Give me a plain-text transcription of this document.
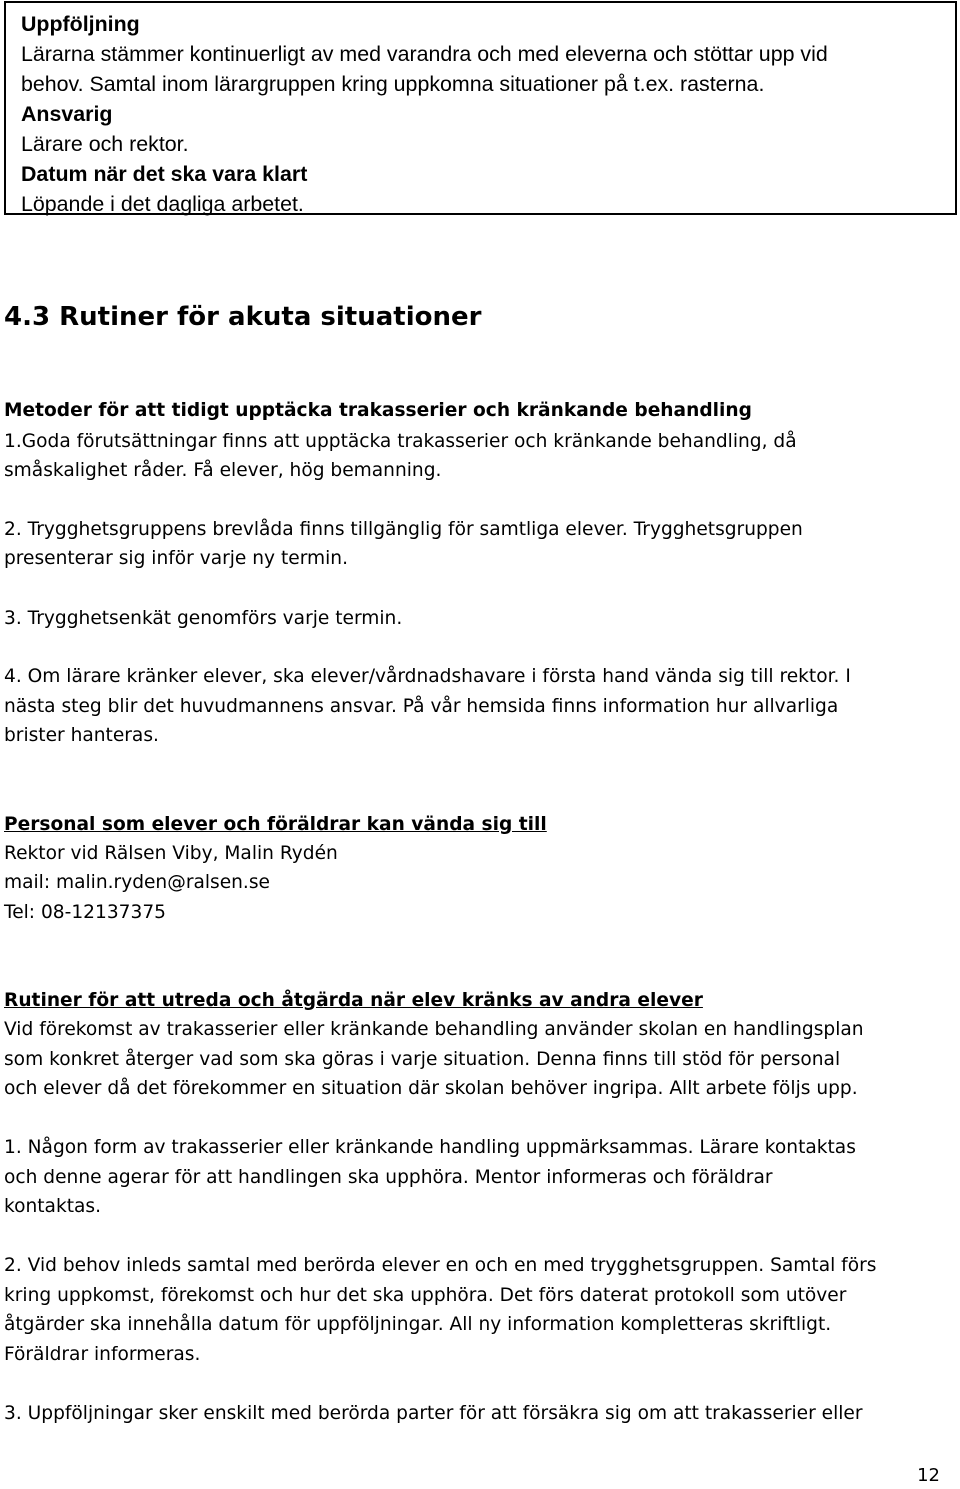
Uppföljning
Lärarna stämmer kontinuerligt av med varandra och med eleverna och stöttar upp vid
behov. Samtal inom lärargruppen kring uppkomna situationer på t.ex. rasterna.
Ansvarig
Lärare och rektor.
Datum när det ska vara klart
Löpande i det dagliga arbetet.
4.3 Rutiner för akuta situationer
Metoder för att tidigt upptäcka trakasserier och kränkande behandling
1.Goda förutsättningar finns att upptäcka trakasserier och kränkande behandling, då
småskalighet råder. Få elever, hög bemanning.
2. Trygghetsgruppens brevlåda finns tillgänglig för samtliga elever. Trygghetsgruppen
presenterar sig inför varje ny termin.
3. Trygghetsenkät genomförs varje termin.
4. Om lärare kränker elever, ska elever/vårdnadshavare i första hand vända sig till rektor. I
nästa steg blir det huvudmannens ansvar. På vår hemsida finns information hur allvarliga
brister hanteras.
Personal som elever och föräldrar kan vända sig till
Rektor vid Rälsen Viby, Malin Rydén
mail: malin.ryden@ralsen.se
Tel: 08-12137375
Rutiner för att utreda och åtgärda när elev kränks av andra elever
Vid förekomst av trakasserier eller kränkande behandling använder skolan en handlingsplan
som konkret återger vad som ska göras i varje situation. Denna finns till stöd för personal
och elever då det förekommer en situation där skolan behöver ingripa. Allt arbete följs upp.
1. Någon form av trakasserier eller kränkande handling uppmärksammas. Lärare kontaktas
och denne agerar för att handlingen ska upphöra. Mentor informeras och föräldrar
kontaktas.
2. Vid behov inleds samtal med berörda elever en och en med trygghetsgruppen. Samtal förs
kring uppkomst, förekomst och hur det ska upphöra. Det förs daterat protokoll som utöver
åtgärder ska innehålla datum för uppföljningar. All ny information kompletteras skriftligt.
Föräldrar informeras.
3. Uppföljningar sker enskilt med berörda parter för att försäkra sig om att trakasserier eller
12
